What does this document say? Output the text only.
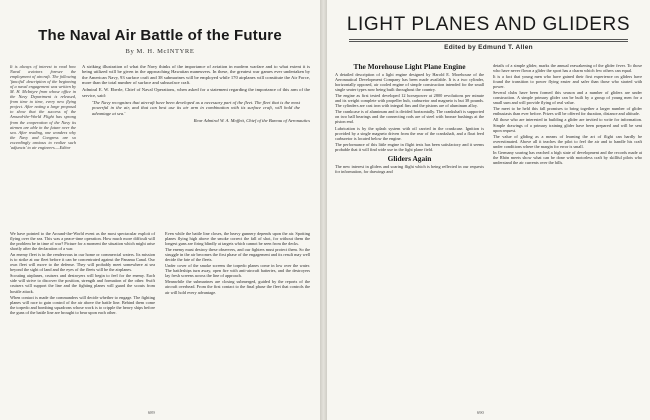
The Naval Air Battle of the Future
By M. H. McINTYRE
It is always of interest to read how Naval aviators foresee the employment of aircraft. The following 'fanciful' description of the beginning of a naval engagement was written by M. H. McIntyre from whose office in the Navy Department is released, from time to time, every new flying project. After noting a large proposal to show that the success of the Around-the-World Flight has sprang from the cooperation of the Navy its airmen are able in the future over the sea. After reading, one wonders why the Navy and Congress are so exceedingly anxious to realize such 'adjuncts' to air engineers.—Editor

A striking illustration of what the Navy thinks of the importance of aviation in modern warfare and to what extent it is being utilized will be given in the approaching Hawaiian maneuvers. In these, the greatest war games ever undertaken by the American Navy, 93 surface craft and 38 submarines will be employed while 170 airplanes will constitute the Air Force, more than the total number of surface and subsurface craft.

Admiral E. W. Eberle, Chief of Naval Operations, when asked for a statement regarding the importance of this arm of the service, said:

'The Navy recognizes that aircraft have been developed as a necessary part of the fleet. The fleet that is the most powerful in the air, and that can best use its air arm in combination with its surface craft, will hold the advantage at sea.'

Rear Admiral W. A. Moffett, Chief of the Bureau of Aeronautics

We have pointed to the Around-the-World event as the most spectacular exploit of flying over the sea. This was a peace-time operation. How much more difficult will the problem be in time of war? Picture for a moment the situation which might arise shortly after the declaration of a war.

An enemy fleet is in the rendezvous in our home or commercial waters. Its mission is to strike at our fleet before it can be concentrated against the Panama Canal. Our own fleet will move to the defense. They will probably meet somewhere at sea beyond the sight of land and the eyes of the fleets will be the airplanes.

Scouting airplanes, cruisers and destroyers will begin to feel for the enemy. Each side will strive to discover the position, strength and formation of the other. Swift cruisers will support the line and the fighting planes will guard the scouts from hostile attack.

When contact is made the commanders will decide whether to engage. The fighting planes will race to gain control of the air above the battle line. Behind them come the torpedo and bombing squadrons whose work is to cripple the heavy ships before the guns of the battle line are brought to bear upon each other.

Even while the battle line closes, the heavy gunnery depends upon the air. Spotting planes flying high above the smoke correct the fall of shot, for without them the longest guns are firing blindly at targets which cannot be seen from the decks.

The enemy must destroy these observers, and our fighters must protect them. So the struggle in the air becomes the first phase of the engagement and its result may well decide the fate of the fleets.

Under cover of the smoke screens the torpedo planes come in low over the water. The battleships turn away, open fire with anti-aircraft batteries, and the destroyers lay fresh screens across the line of approach.

Meanwhile the submarines are closing submerged, guided by the reports of the aircraft overhead. From the first contact to the final phase the fleet that controls the air will hold every advantage.

689
LIGHT PLANES AND GLIDERS
Edited by Edmund T. Allen
The Morehouse Light Plane Engine

A detailed description of a light engine designed by Harold E. Morehouse of the Aeronautical Development Company has been made available. It is a two cylinder, horizontally opposed, air cooled engine of simple construction intended for the small single seater types now being built throughout the country.

The engine as first tested developed 12 horsepower at 2800 revolutions per minute and its weight complete with propeller hub, carburetor and magneto is but 38 pounds. The cylinders are cast iron with integral fins and the pistons are of aluminum alloy.

The crankcase is of aluminum and is divided horizontally. The crankshaft is supported on two ball bearings and the connecting rods are of steel with bronze bushings at the piston end.

Lubrication is by the splash system with oil carried in the crankcase. Ignition is provided by a single magneto driven from the rear of the crankshaft, and a float feed carburetor is located below the engine.

The performance of this little engine in flight tests has been satisfactory and it seems probable that it will find wide use in the light plane field.

Gliders Again

The new interest in gliders and soaring flight which is being reflected in our requests for information, for drawings and

details of a simple glider, marks the annual reawakening of the glider fever. To those who have never flown a glider the sport has a charm which few others can equal.

It is a fact that young men who have gained their first experience on gliders have found the transition to power flying easier and safer than those who started with power.

Several clubs have been formed this season and a number of gliders are under construction. A simple primary glider can be built by a group of young men for a small sum and will provide flying of real value.

The meet to be held this fall promises to bring together a larger number of glider enthusiasts than ever before. Prizes will be offered for duration, distance and altitude.

All those who are interested in building a glider are invited to write for information. Simple drawings of a primary training glider have been prepared and will be sent upon request.

The value of gliding as a means of learning the art of flight can hardly be overestimated. Above all it teaches the pilot to feel the air and to handle his craft under conditions where the margin for error is small.

In Germany soaring has reached a high state of development and the records made at the Rhön meets show what can be done with motorless craft by skillful pilots who understand the air currents over the hills.

690
